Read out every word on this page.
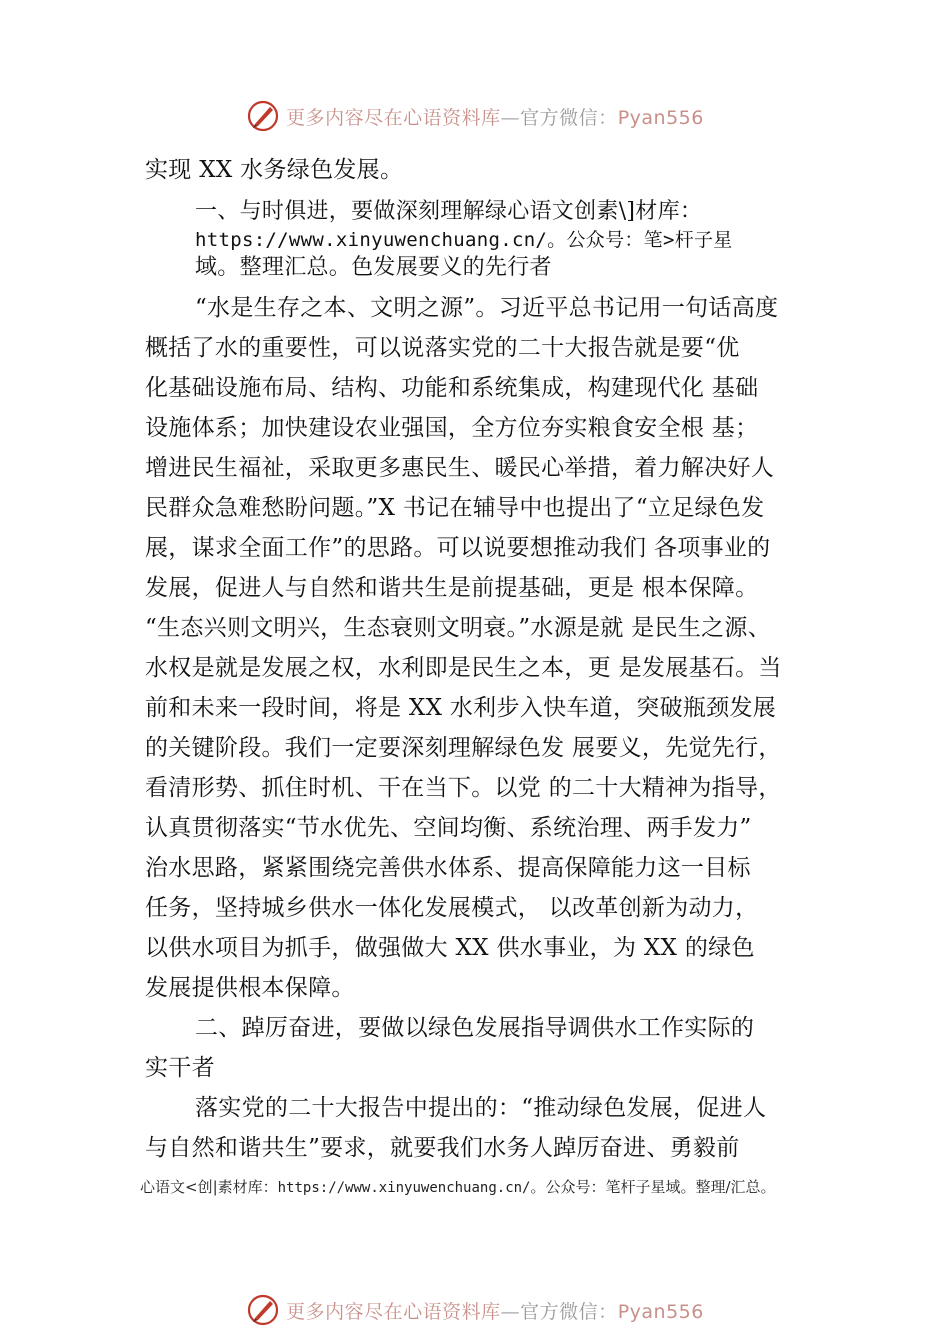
更多内容尽在心语资料库—官方微信：Pyan556
实现 XX 水务绿色发展。
一、与时俱进，要做深刻理解绿心语文创素\]材库：
https://www.xinyuwenchuang.cn/。公众号：笔>杆子星
域。整理汇总。色发展要义的先行者
“水是生存之本、文明之源”。习近平总书记用一句话高度
概括了水的重要性，可以说落实党的二十大报告就是要“优
化基础设施布局、结构、功能和系统集成，构建现代化 基础
设施体系；加快建设农业强国，全方位夯实粮食安全根 基；
增进民生福祉，采取更多惠民生、暖民心举措，着力解决好人
民群众急难愁盼问题。”X 书记在辅导中也提出了“立足绿色发
展，谋求全面工作”的思路。可以说要想推动我们 各项事业的
发展，促进人与自然和谐共生是前提基础，更是 根本保障。
“生态兴则文明兴，生态衰则文明衰。”水源是就 是民生之源、
水权是就是发展之权，水利即是民生之本，更 是发展基石。当
前和未来一段时间，将是 XX 水利步入快车道，突破瓶颈发展
的关键阶段。我们一定要深刻理解绿色发 展要义，先觉先行，
看清形势、抓住时机、干在当下。以党 的二十大精神为指导，
认真贯彻落实“节水优先、空间均衡、系统治理、两手发力”
治水思路，紧紧围绕完善供水体系、提高保障能力这一目标
任务，坚持城乡供水一体化发展模式， 以改革创新为动力，
以供水项目为抓手，做强做大 XX 供水事业，为 XX 的绿色
发展提供根本保障。
二、踔厉奋进，要做以绿色发展指导调供水工作实际的
实干者
落实党的二十大报告中提出的：“推动绿色发展，促进人
与自然和谐共生”要求，就要我们水务人踔厉奋进、勇毅前
心语文<创|素材库：https://www.xinyuwenchuang.cn/。公众号：笔杆子星域。整理/汇总。
更多内容尽在心语资料库—官方微信：Pyan556
